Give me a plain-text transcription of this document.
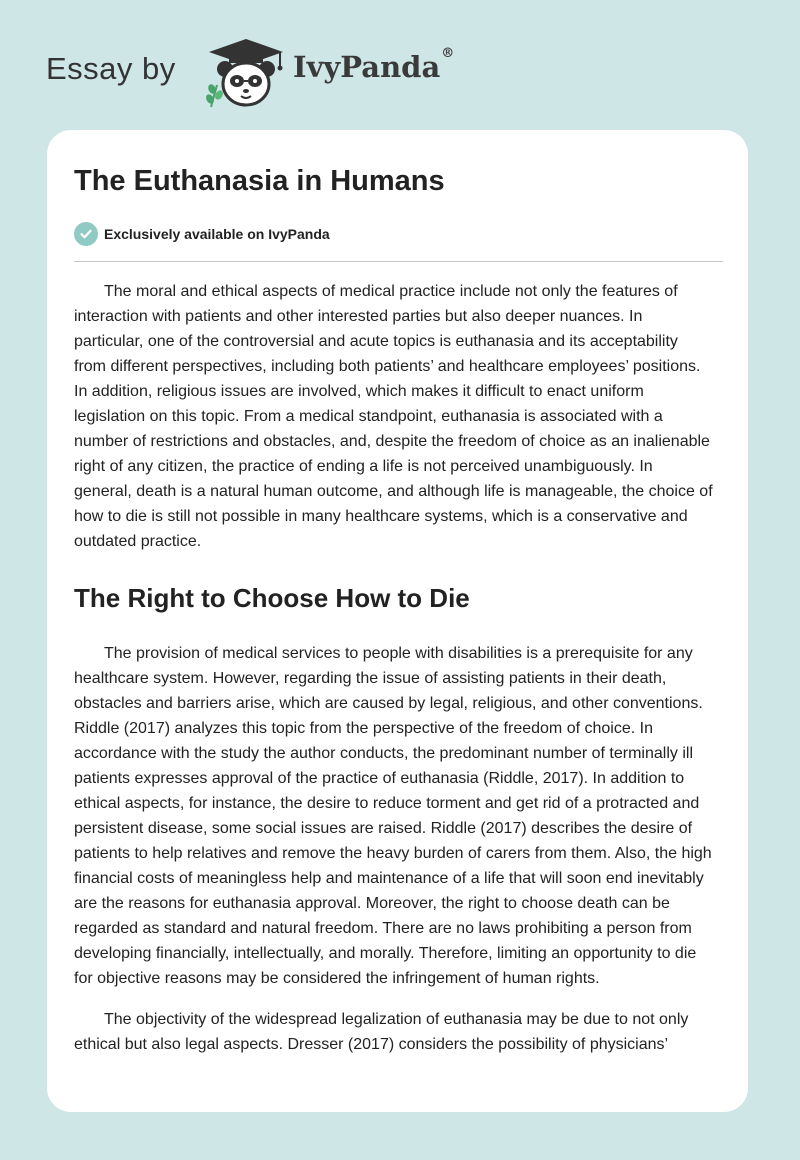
Essay by	IvyPanda®
The Euthanasia in Humans
Exclusively available on IvyPanda

The moral and ethical aspects of medical practice include not only the features of interaction with patients and other interested parties but also deeper nuances. In particular, one of the controversial and acute topics is euthanasia and its acceptability from different perspectives, including both patients’ and healthcare employees’ positions. In addition, religious issues are involved, which makes it difficult to enact uniform legislation on this topic. From a medical standpoint, euthanasia is associated with a number of restrictions and obstacles, and, despite the freedom of choice as an inalienable right of any citizen, the practice of ending a life is not perceived unambiguously. In general, death is a natural human outcome, and although life is manageable, the choice of how to die is still not possible in many healthcare systems, which is a conservative and outdated practice.

The Right to Choose How to Die

The provision of medical services to people with disabilities is a prerequisite for any healthcare system. However, regarding the issue of assisting patients in their death, obstacles and barriers arise, which are caused by legal, religious, and other conventions. Riddle (2017) analyzes this topic from the perspective of the freedom of choice. In accordance with the study the author conducts, the predominant number of terminally ill patients expresses approval of the practice of euthanasia (Riddle, 2017). In addition to ethical aspects, for instance, the desire to reduce torment and get rid of a protracted and persistent disease, some social issues are raised. Riddle (2017) describes the desire of patients to help relatives and remove the heavy burden of carers from them. Also, the high financial costs of meaningless help and maintenance of a life that will soon end inevitably are the reasons for euthanasia approval. Moreover, the right to choose death can be regarded as standard and natural freedom. There are no laws prohibiting a person from developing financially, intellectually, and morally. Therefore, limiting an opportunity to die for objective reasons may be considered the infringement of human rights.

The objectivity of the widespread legalization of euthanasia may be due to not only ethical but also legal aspects. Dresser (2017) considers the possibility of physicians’
